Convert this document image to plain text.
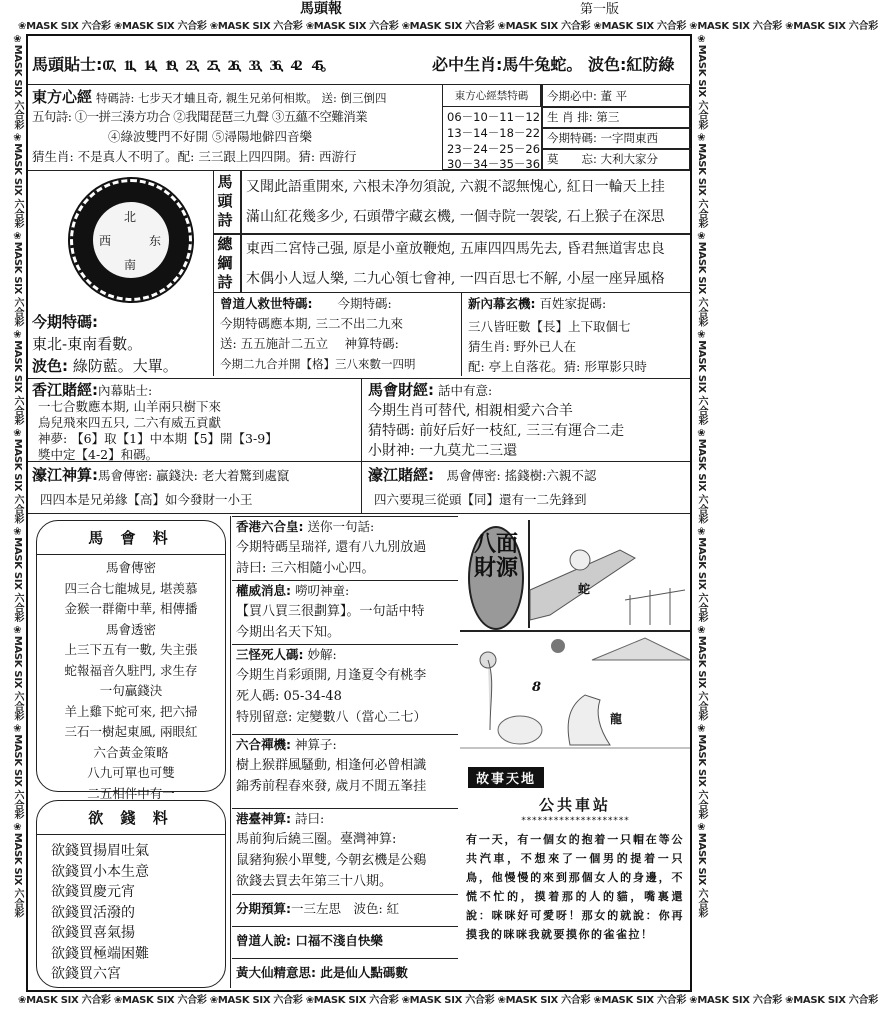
❀MASK SIX 六合彩 ❀MASK SIX 六合彩 ❀MASK SIX 六合彩 ❀MASK SIX 六合彩 ❀MASK SIX 六合彩 ❀MASK SIX 六合彩 ❀MASK SIX 六合彩 ❀MASK SIX 六合彩 ❀MASK SIX 六合彩
❀MASK SIX 六合彩 ❀MASK SIX 六合彩 ❀MASK SIX 六合彩 ❀MASK SIX 六合彩 ❀MASK SIX 六合彩 ❀MASK SIX 六合彩 ❀MASK SIX 六合彩 ❀MASK SIX 六合彩 ❀MASK SIX 六合彩
❀MASK SIX 六合彩 ❀MASK SIX 六合彩 ❀MASK SIX 六合彩 ❀MASK SIX 六合彩 ❀MASK SIX 六合彩 ❀MASK SIX 六合彩 ❀MASK SIX 六合彩 ❀MASK SIX 六合彩 ❀MASK SIX 六合彩	❀MASK SIX 六合彩 ❀MASK SIX 六合彩 ❀MASK SIX 六合彩 ❀MASK SIX 六合彩 ❀MASK SIX 六合彩 ❀MASK SIX 六合彩 ❀MASK SIX 六合彩 ❀MASK SIX 六合彩 ❀MASK SIX 六合彩
馬頭報	第一版
馬頭貼士:07、11、14、19、23、25、26、33、36、42　45。	必中生肖:馬牛兔蛇。 波色:紅防綠
東方心經 特碼詩: 七步天才蛐且奇, 親生兄弟何相欺。 送: 倒三倒四
五句詩: ①一拼三湊方功合 ②我聞琵琶三九聲 ③五蘊不空難消業
④綠波雙門不好開 ⑤潯陽地僻四音樂
猜生肖: 不是真人不明了。配: 三三跟上四四開。猜: 西游行
東方心經禁特碼
06－10－11－12
13－14－18－22
23－24－25－26
30－34－35－36
今期必中: 董 平
生 肖 排: 第三
今期特碼: 一字問東西
莫　　忘: 大利大家分
北
西	东
南
今期特碼:
東北-東南看數。
波色: 綠防藍。大單。
馬頭詩
又聞此語重開來, 六根未净勿須說, 六親不認無愧心, 紅日一輪天上挂
滿山紅花幾多少, 石頭帶字藏玄機, 一個寺院一袈裟, 石上猴子在深思
總綱詩
東西二宮恃己强, 原是小童放鞭炮, 五庫四四馬先去, 昏君無道害忠良
木偶小人逗人樂, 二九心領七會神, 一四百思七不解, 小屋一座异風格
曾道人救世特碼:　　 今期特碼:
今期特碼應本期, 三二不出二九來
送: 五五施計二五立　 神算特碼:
今期二九合并開【格】三八來數一四明
新內幕玄機: 百姓家捉碼:
三八皆旺數【長】上下取個七
猜生肖: 野外已人在
配: 亭上自落花。猜: 形單影只時
香江賭經:內幕貼士:
一七合數應本期, 山羊兩只樹下來
烏兒飛來四五只, 二六有威五貢獻
神夢: 【6】取【1】中本期【5】開【3-9】
獎中定【4-2】和碼。
馬會財經: 話中有意:
今期生肖可替代, 相親相愛六合羊
猜特碼: 前好后好一枝紅, 三三有運合二走
小財神: 一九莫尤二三還
濠江神算:馬會傳密: 贏錢決: 老大着驚到處竄
四四本是兄弟緣【高】如今發財一小王
濠江賭經:　 馬會傳密: 搖錢樹:六親不認
四六要現三從頭【同】還有一二先鋒到
馬 會 料
馬會傳密
四三合七龍城見, 堪羡慕
金猴一群衛中華, 相傳播
馬會透密
上三下五有一數, 失主張
蛇報福音久駐門, 求生存
一句贏錢決
羊上雞下蛇可來, 把六掃
三石一樹起東風, 兩眼紅
六合黃金策略
八九可單也可雙
二五相伴中有一
欲 錢 料
欲錢買揚眉吐氣
欲錢買小本生意
欲錢買慶元宵
欲錢買活潑的
欲錢買喜氣揚
欲錢買極端困難
欲錢買六宮
香港六合皇: 送你一句話:
今期特碼呈瑞祥, 還有八九別放過
詩曰: 三六相隨小心四。
權威消息: 嘮叨神童:
【買八買三很劃算】。一句話中特
今期出名天下知。
三怪死人碼: 妙解:
今期生肖彩頭開, 月逢夏令有桃李
死人碼: 05-34-48
特別留意: 定變數八（當心二七）
六合禪機: 神算子:
樹上猴群風騷動, 相逢何必曾相識
錦秀前程春來發, 歲月不閒五峯挂
港臺神算: 詩曰:
馬前狗后繞三圈。臺灣神算:
鼠豬狗猴小單雙, 今朝玄機是公鷄
欲錢去買去年第三十八期。
分期預算:一三左思　波色: 紅
曾道人說: 口福不淺自快樂
黃大仙精意思: 此是仙人點碼數
八面財源
蛇
8
龍
故事天地
公共車站
********************
有一天，有一個女的抱着一只帽在等公共汽車，不想來了一個男的提着一只鳥，他慢慢的來到那個女人的身邊，不慌不忙的，摸着那的人的貓，嘴裏還說：咪咪好可愛呀！那女的就說：你再摸我的咪咪我就要摸你的雀雀拉！
